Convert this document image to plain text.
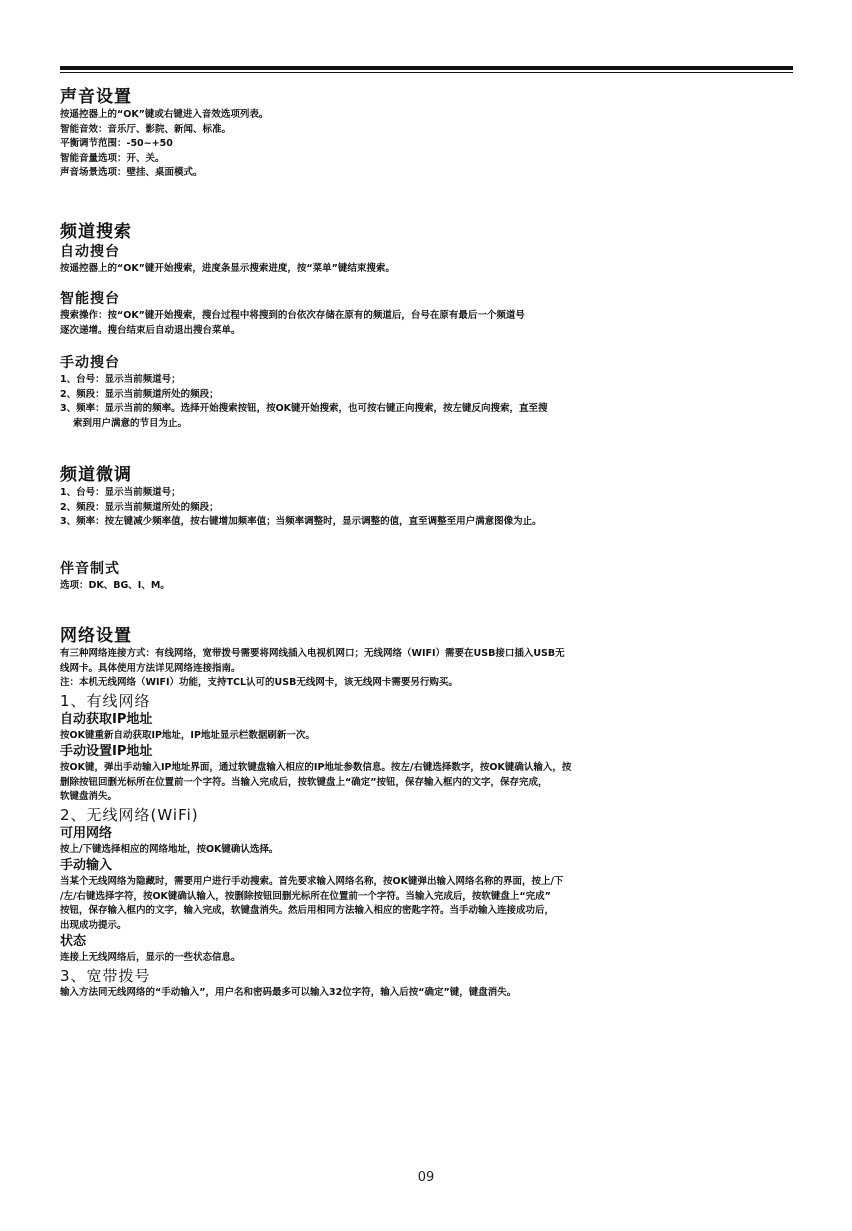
声音设置
按遥控器上的“OK”键或右键进入音效选项列表。
智能音效：音乐厅、影院、新闻、标准。
平衡调节范围：-50~+50
智能音量选项：开、关。
声音场景选项：壁挂、桌面模式。
频道搜索
自动搜台
按遥控器上的“OK”键开始搜索，进度条显示搜索进度，按“菜单”键结束搜索。
智能搜台
搜索操作：按“OK”键开始搜索，搜台过程中将搜到的台依次存储在原有的频道后，台号在原有最后一个频道号
逐次递增。搜台结束后自动退出搜台菜单。
手动搜台
1、台号：显示当前频道号；
2、频段：显示当前频道所处的频段；
3、频率：显示当前的频率。选择开始搜索按钮，按OK键开始搜索，也可按右键正向搜索，按左键反向搜索，直至搜
索到用户满意的节目为止。
频道微调
1、台号：显示当前频道号；
2、频段：显示当前频道所处的频段；
3、频率：按左键减少频率值，按右键增加频率值；当频率调整时，显示调整的值，直至调整至用户满意图像为止。
伴音制式
选项：DK、BG、I、M。
网络设置
有三种网络连接方式：有线网络，宽带拨号需要将网线插入电视机网口；无线网络（WIFI）需要在USB接口插入USB无
线网卡。具体使用方法详见网络连接指南。
注：本机无线网络（WIFI）功能，支持TCL认可的USB无线网卡，该无线网卡需要另行购买。
1、有线网络
自动获取IP地址
按OK键重新自动获取IP地址，IP地址显示栏数据刷新一次。
手动设置IP地址
按OK键，弹出手动输入IP地址界面，通过软键盘输入相应的IP地址参数信息。按左/右键选择数字，按OK键确认输入，按
删除按钮回删光标所在位置前一个字符。当输入完成后，按软键盘上“确定”按钮，保存输入框内的文字，保存完成，
软键盘消失。
2、无线网络(WiFi)
可用网络
按上/下键选择相应的网络地址，按OK键确认选择。
手动输入
当某个无线网络为隐藏时，需要用户进行手动搜索。首先要求输入网络名称，按OK键弹出输入网络名称的界面，按上/下
/左/右键选择字符，按OK键确认输入，按删除按钮回删光标所在位置前一个字符。当输入完成后，按软键盘上“完成”
按钮，保存输入框内的文字，输入完成，软键盘消失。然后用相同方法输入相应的密匙字符。当手动输入连接成功后，
出现成功提示。
状态
连接上无线网络后，显示的一些状态信息。
3、宽带拨号
输入方法同无线网络的“手动输入”，用户名和密码最多可以输入32位字符，输入后按“确定”键，键盘消失。
09
